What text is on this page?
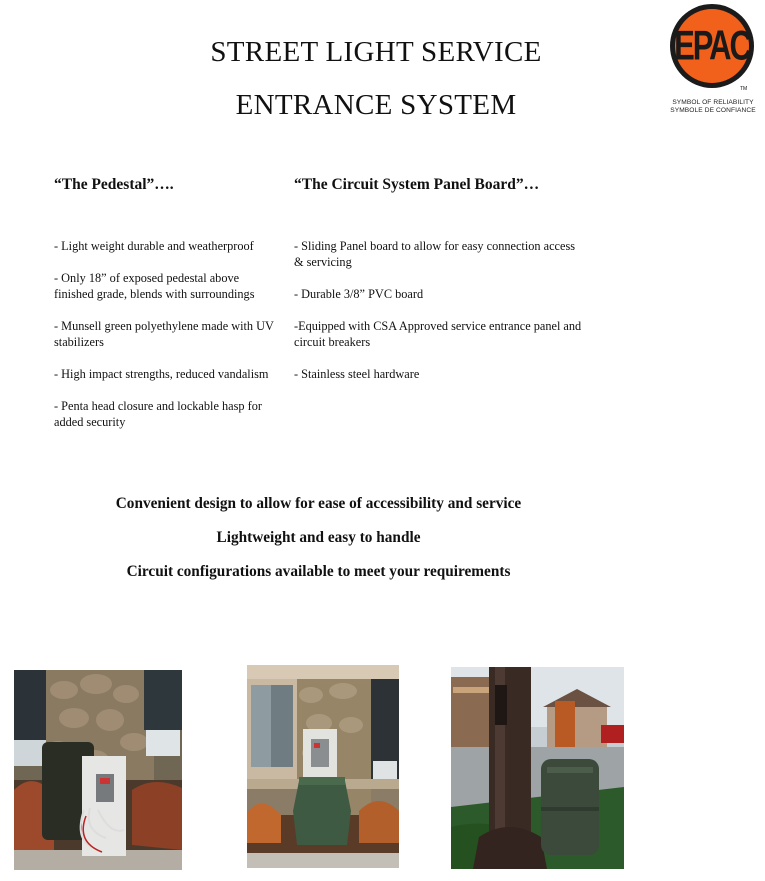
STREET LIGHT SERVICE
ENTRANCE SYSTEM
EPAC
TM
SYMBOL OF RELIABILITY
SYMBOLE DE CONFIANCE
“The Pedestal”….	“The Circuit System Panel Board”…
- Light weight durable and weatherproof
- Only 18” of exposed pedestal above finished grade, blends with surroundings
- Munsell green polyethylene made with UV stabilizers
- High impact strengths, reduced vandalism
- Penta head closure and lockable hasp for added security
- Sliding Panel board to allow for easy connection access & servicing
- Durable 3/8” PVC board
-Equipped with CSA Approved service entrance panel and circuit breakers
- Stainless steel hardware

Convenient design to allow for ease of accessibility and service

Lightweight and easy to handle

Circuit configurations available to meet your requirements
